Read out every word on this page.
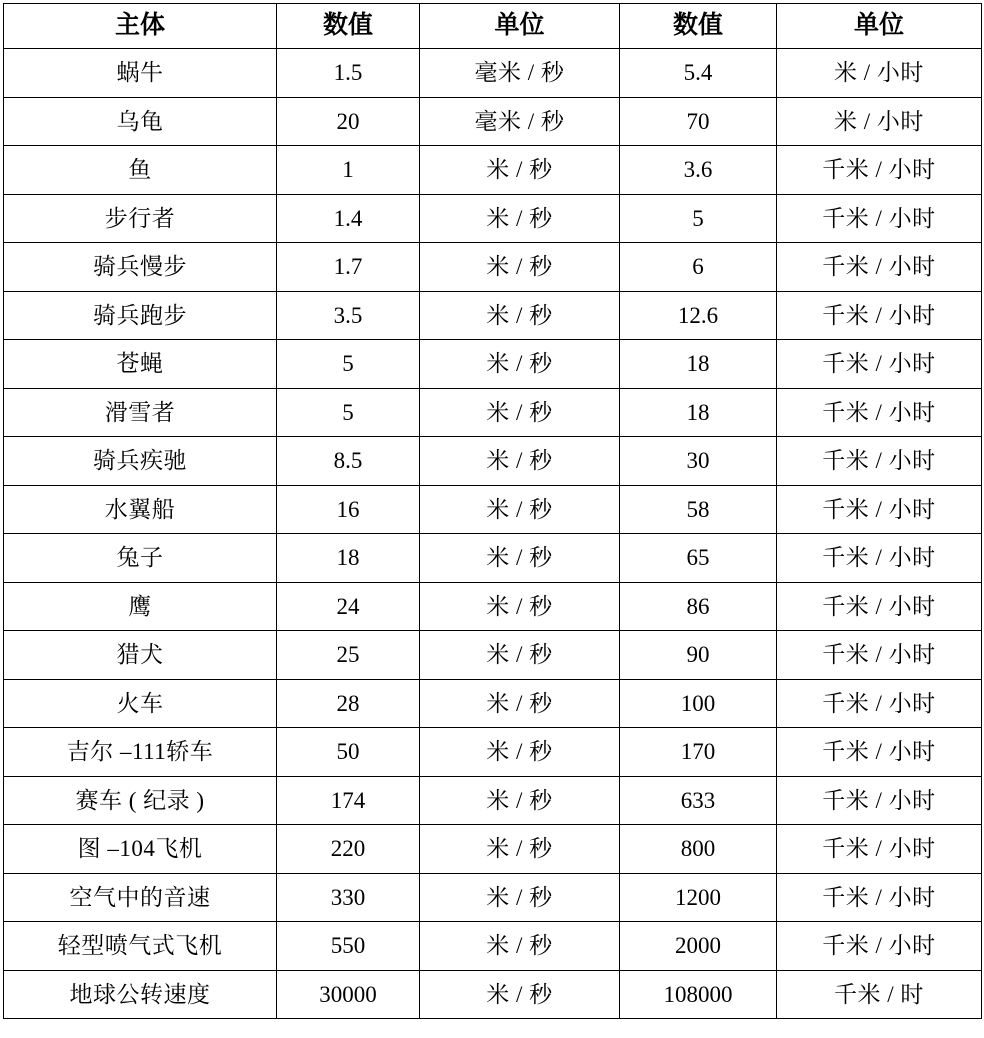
主体	数值	单位	数值	单位
蜗牛	1.5	毫米 / 秒	5.4	米 / 小时
乌龟	20	毫米 / 秒	70	米 / 小时
鱼	1	米 / 秒	3.6	千米 / 小时
步行者	1.4	米 / 秒	5	千米 / 小时
骑兵慢步	1.7	米 / 秒	6	千米 / 小时
骑兵跑步	3.5	米 / 秒	12.6	千米 / 小时
苍蝇	5	米 / 秒	18	千米 / 小时
滑雪者	5	米 / 秒	18	千米 / 小时
骑兵疾驰	8.5	米 / 秒	30	千米 / 小时
水翼船	16	米 / 秒	58	千米 / 小时
兔子	18	米 / 秒	65	千米 / 小时
鹰	24	米 / 秒	86	千米 / 小时
猎犬	25	米 / 秒	90	千米 / 小时
火车	28	米 / 秒	100	千米 / 小时
吉尔 –111轿车	50	米 / 秒	170	千米 / 小时
赛车 ( 纪录 )	174	米 / 秒	633	千米 / 小时
图 –104飞机	220	米 / 秒	800	千米 / 小时
空气中的音速	330	米 / 秒	1200	千米 / 小时
轻型喷气式飞机	550	米 / 秒	2000	千米 / 小时
地球公转速度	30000	米 / 秒	108000	千米 / 时
